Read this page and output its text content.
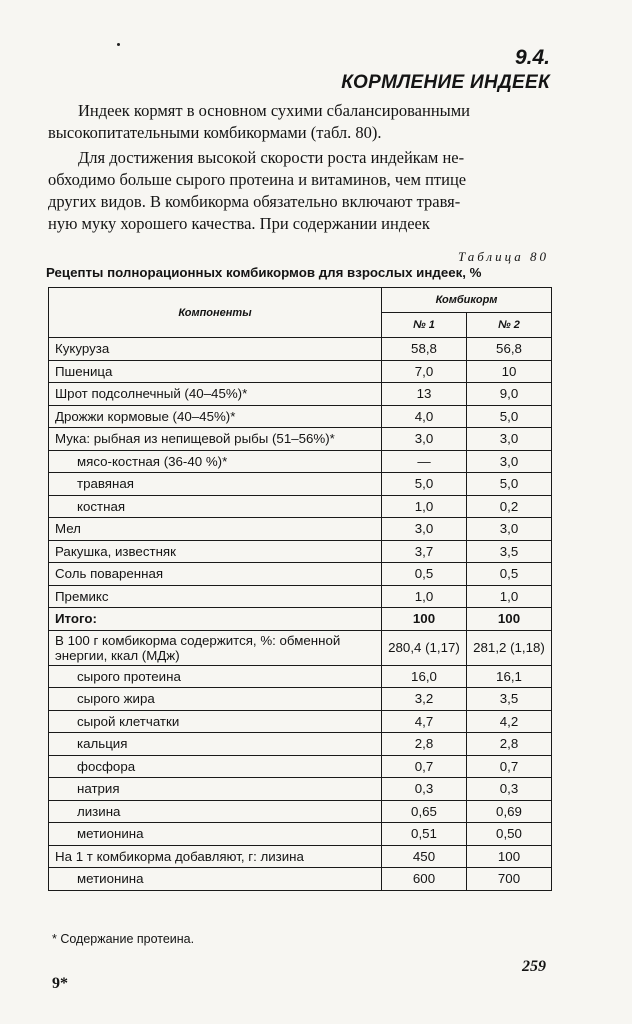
9.4.
КОРМЛЕНИЕ ИНДЕЕК
Индеек кормят в основном сухими сбалансированными
высокопитательными комбикормами (табл. 80).
Для достижения высокой скорости роста индейкам не-
обходимо больше сырого протеина и витаминов, чем птице
других видов. В комбикорма обязательно включают травя-
ную муку хорошего качества. При содержании индеек
Таблица 80
Рецепты полнорационных комбикормов для взрослых индеек, %
Компоненты	Комбикорм	
	№ 1	№ 2
Кукуруза	58,8	56,8
Пшеница	7,0	10
Шрот подсолнечный (40–45%)*	13	9,0
Дрожжи кормовые (40–45%)*	4,0	5,0
Мука: рыбная из непищевой рыбы (51–56%)*	3,0	3,0
мясо-костная (36-40 %)*	—	3,0
травяная	5,0	5,0
костная	1,0	0,2
Мел	3,0	3,0
Ракушка, известняк	3,7	3,5
Соль поваренная	0,5	0,5
Премикс	1,0	1,0
Итого:	100	100
В 100 г комбикорма содержится, %: обменной энергии, ккал (МДж)	280,4 (1,17)	281,2 (1,18)
сырого протеина	16,0	16,1
сырого жира	3,2	3,5
сырой клетчатки	4,7	4,2
кальция	2,8	2,8
фосфора	0,7	0,7
натрия	0,3	0,3
лизина	0,65	0,69
метионина	0,51	0,50
На 1 т комбикорма добавляют, г: лизина	450	100
метионина	600	700
* Содержание протеина.
259
9*
